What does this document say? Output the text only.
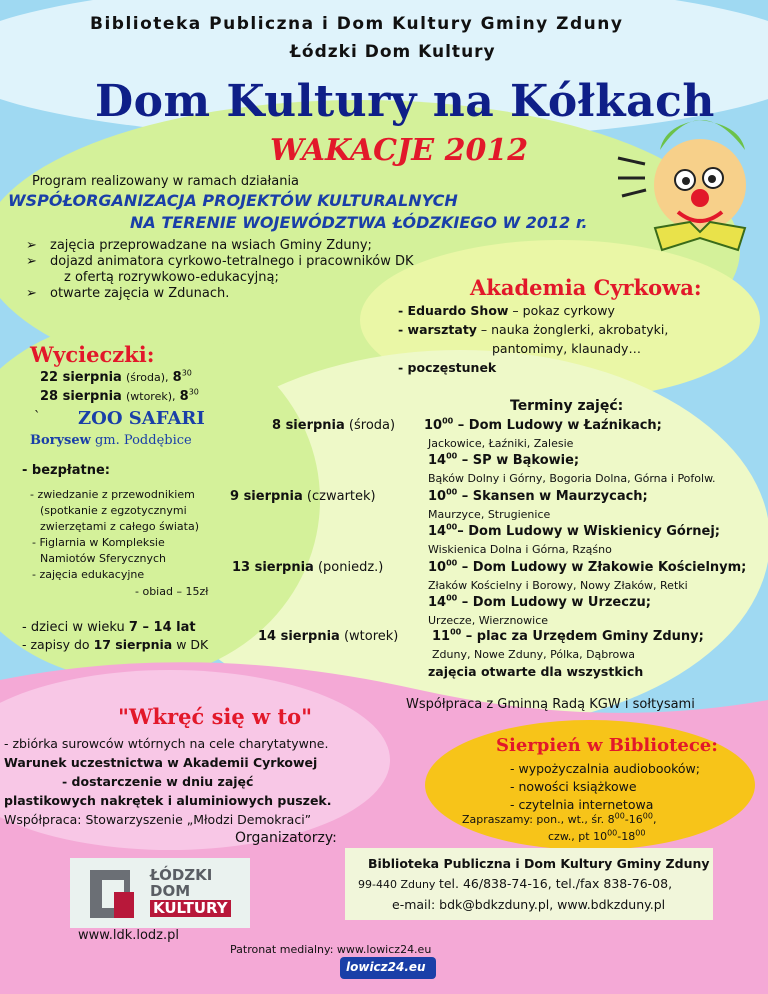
Biblioteka Publiczna i Dom Kultury Gminy Zduny
Łódzki Dom Kultury
Dom Kultury na Kółkach
WAKACJE 2012
Program realizowany w ramach działania
WSPÓŁORGANIZACJA PROJEKTÓW KULTURALNYCH
NA TERENIE WOJEWÓDZTWA ŁÓDZKIEGO W 2012 r.
➢ zajęcia przeprowadzane na wsiach Gminy Zduny;
➢ dojazd animatora cyrkowo-tetralnego i pracowników DK
z ofertą rozrywkowo-edukacyjną;
➢ otwarte zajęcia w Zdunach.	Akademia Cyrkowa:
- Eduardo Show – pokaz cyrkowy
- warsztaty – nauka żonglerki, akrobatyki,
pantomimy, klaunady…
- poczęstunek
Wycieczki:
22 sierpnia (środa), $8^{30}$
28 sierpnia (wtorek), $8^{30}$
` ZOO SAFARI
Borysew gm. Poddębice
- bezpłatne:
- zwiedzanie z przewodnikiem
(spotkanie z egzotycznymi
zwierzętami z całego świata)
- Figlarnia w Kompleksie
Namiotów Sferycznych
- zajęcia edukacyjne
- obiad – 15zł
- dzieci w wieku 7 – 14 lat
- zapisy do 17 sierpnia w DK
Terminy zajęć:
8 sierpnia (środa) $10^{00}$ – Dom Ludowy w Łaźnikach;
Jackowice, Łaźniki, Zalesie
$14^{00}$ – SP w Bąkowie;
Bąków Dolny i Górny, Bogoria Dolna, Górna i Pofolw.
9 sierpnia (czwartek)	$10^{00}$ – Skansen w Maurzycach;
Maurzyce, Strugienice
$14^{00}-$ Dom Ludowy w Wiskienicy Górnej;
Wiskienica Dolna i Górna, Rząśno
13 sierpnia (poniedz.)	$10^{00}$ – Dom Ludowy w Złakowie Kościelnym;
Złaków Kościelny i Borowy, Nowy Złaków, Retki
$14^{00}$ – Dom Ludowy w Urzeczu;
Urzecze, Wierznowice
14 sierpnia (wtorek)	$11^{00}$ – plac za Urzędem Gminy Zduny;
Zduny, Nowe Zduny, Pólka, Dąbrowa
zajęcia otwarte dla wszystkich
Współpraca z Gminną Radą KGW i sołtysami
"Wkręć się w to"
- zbiórka surowców wtórnych na cele charytatywne.
Warunek uczestnictwa w Akademii Cyrkowej
- dostarczenie w dniu zajęć
plastikowych nakrętek i aluminiowych puszek.
Współpraca: Stowarzyszenie „Młodzi Demokraci”
Sierpień w Bibliotece:
- wypożyczalnia audiobooków;
- nowości książkowe
- czytelnia internetowa
Zapraszamy: pon., wt., śr. $8^{00}-16^{00}$,
czw., pt $10^{00}-18^{00}$
Organizatorzy:
ŁÓDZKI
DOM
KULTURY
www.ldk.lodz.pl
Biblioteka Publiczna i Dom Kultury Gminy Zduny
99-440 Zduny tel. 46/838-74-16, tel./fax 838-76-08,
e-mail: bdk@bdkzduny.pl, www.bdkzduny.pl
Patronat medialny: www.lowicz24.eu
lowicz24.eu
